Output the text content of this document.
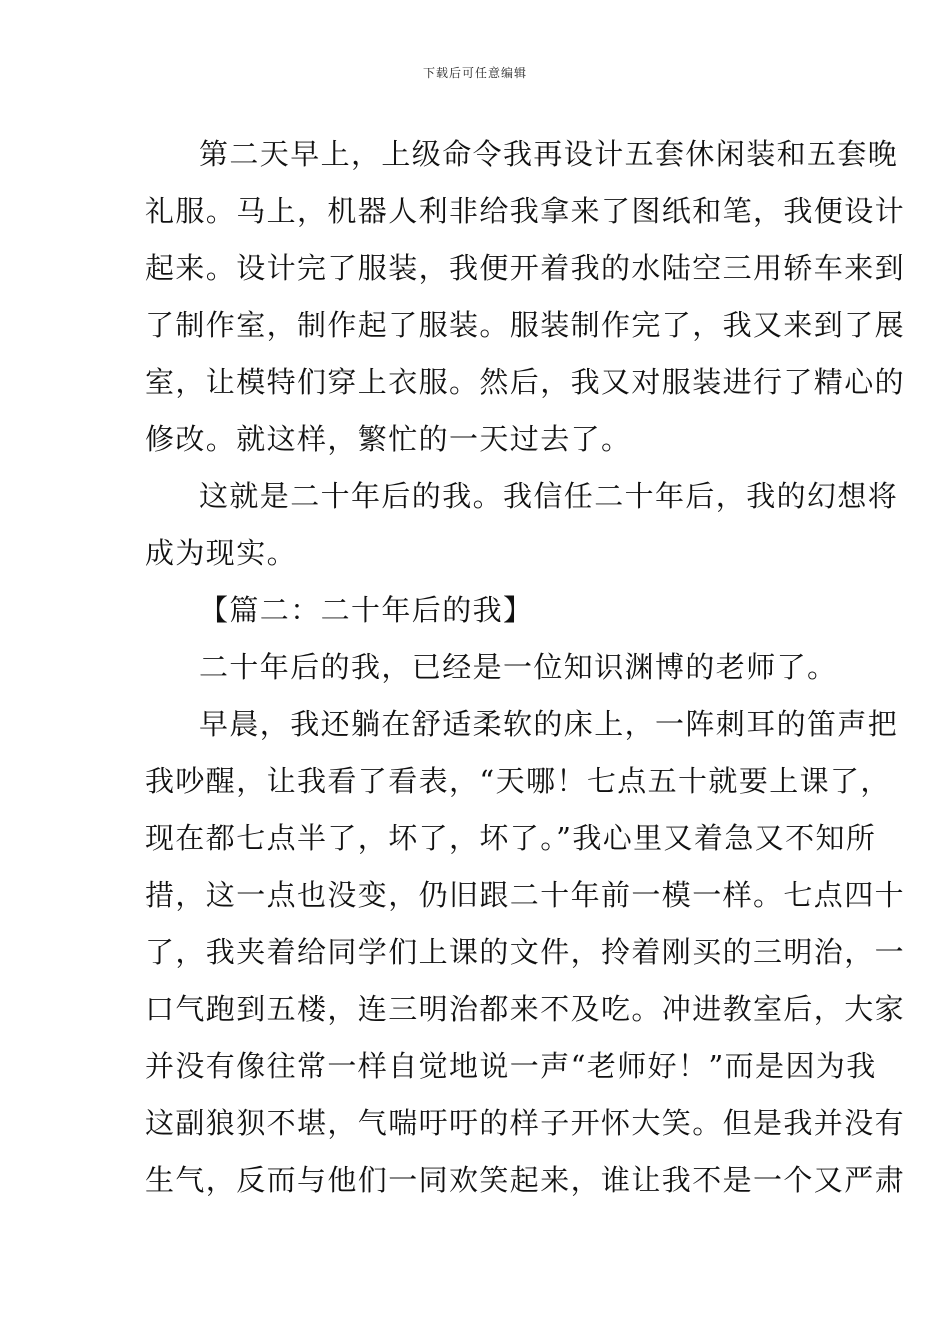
下载后可任意编辑
第二天早上，上级命令我再设计五套休闲装和五套晚
礼服。马上，机器人利非给我拿来了图纸和笔，我便设计
起来。设计完了服装，我便开着我的水陆空三用轿车来到
了制作室，制作起了服装。服装制作完了，我又来到了展
室，让模特们穿上衣服。然后，我又对服装进行了精心的
修改。就这样，繁忙的一天过去了。
这就是二十年后的我。我信任二十年后，我的幻想将
成为现实。
【篇二：二十年后的我】
二十年后的我，已经是一位知识渊博的老师了。
早晨，我还躺在舒适柔软的床上，一阵刺耳的笛声把
我吵醒，让我看了看表，“天哪！七点五十就要上课了，
现在都七点半了，坏了，坏了。”我心里又着急又不知所
措，这一点也没变，仍旧跟二十年前一模一样。七点四十
了，我夹着给同学们上课的文件，拎着刚买的三明治，一
口气跑到五楼，连三明治都来不及吃。冲进教室后，大家
并没有像往常一样自觉地说一声“老师好！”而是因为我
这副狼狈不堪，气喘吁吁的样子开怀大笑。但是我并没有
生气，反而与他们一同欢笑起来，谁让我不是一个又严肃
